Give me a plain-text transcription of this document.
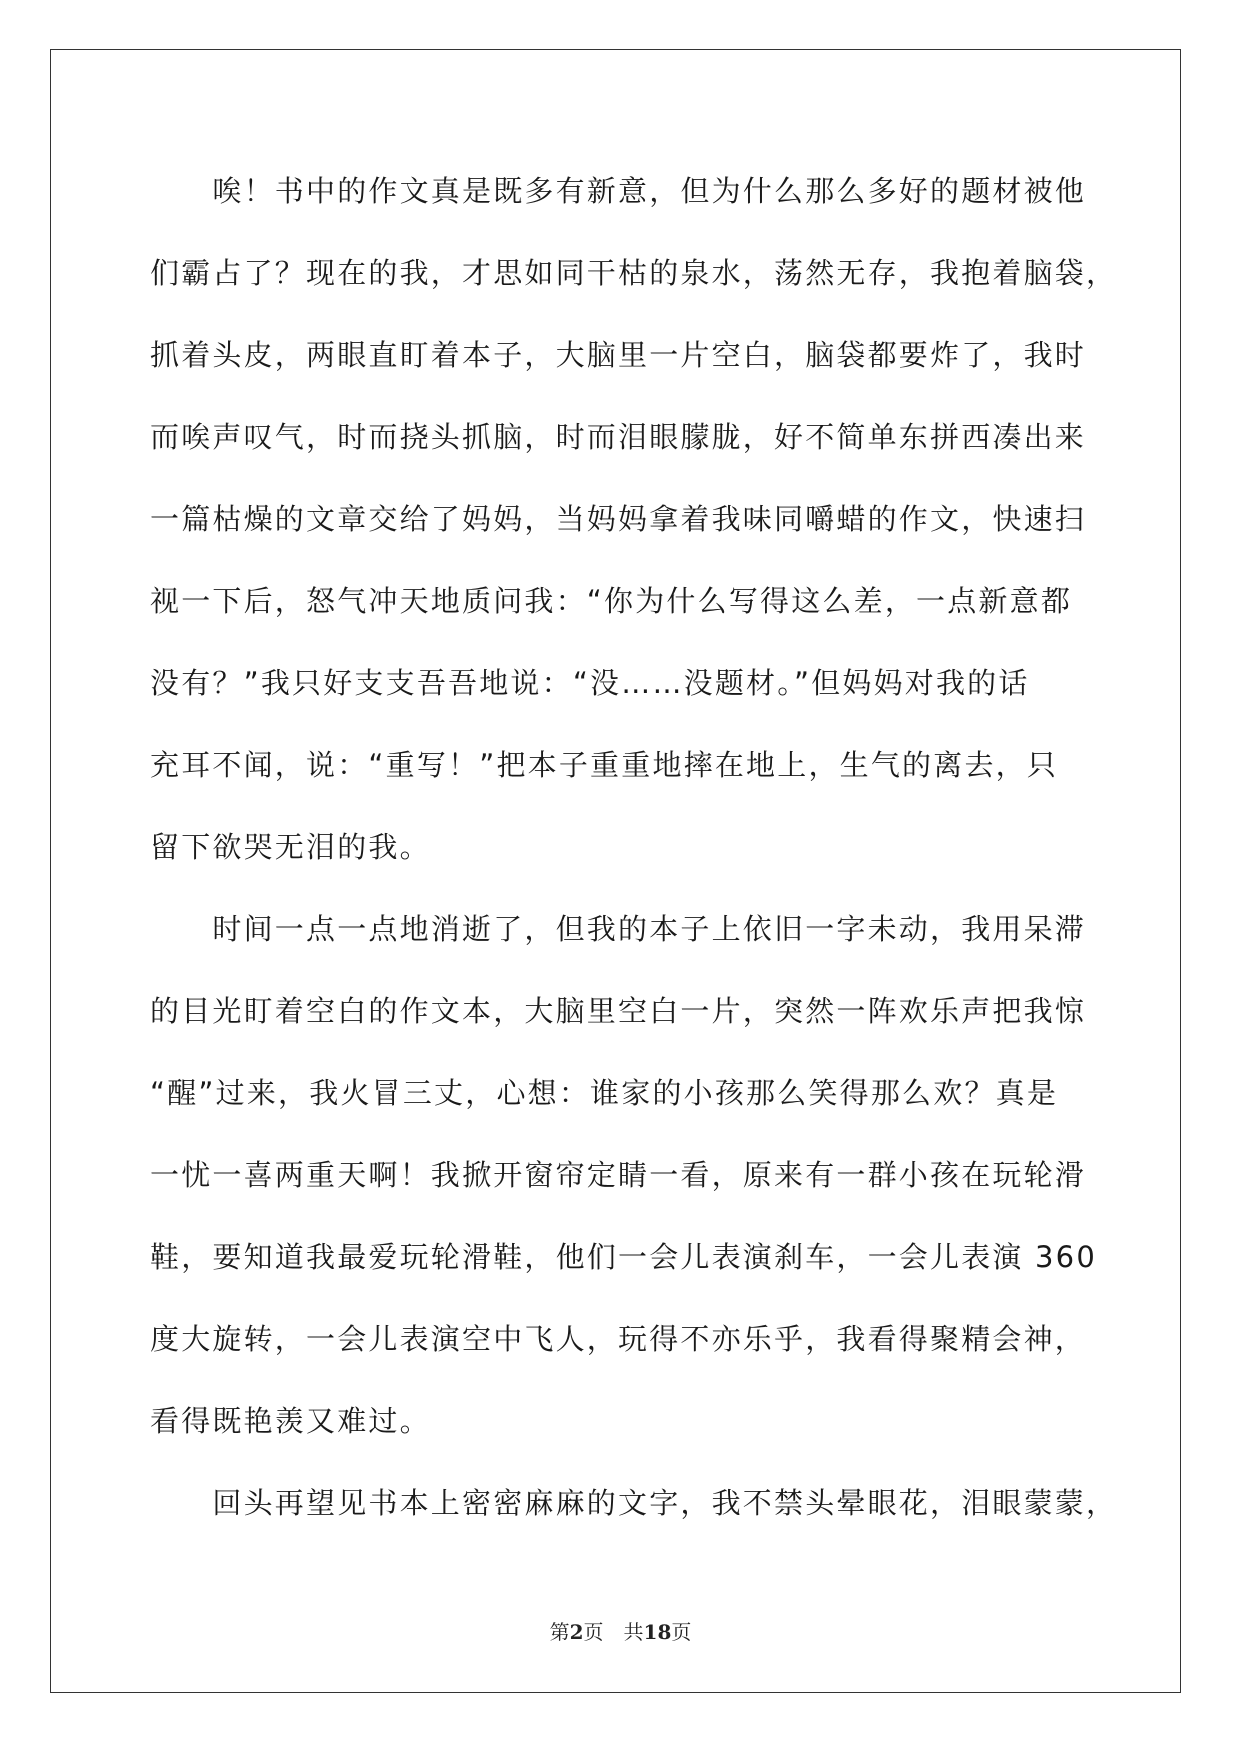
　　唉！书中的作文真是既多有新意，但为什么那么多好的题材被他
们霸占了？现在的我，才思如同干枯的泉水，荡然无存，我抱着脑袋，
抓着头皮，两眼直盯着本子，大脑里一片空白，脑袋都要炸了，我时
而唉声叹气，时而挠头抓脑，时而泪眼朦胧，好不简单东拼西凑出来
一篇枯燥的文章交给了妈妈，当妈妈拿着我味同嚼蜡的作文，快速扫
视一下后，怒气冲天地质问我：“你为什么写得这么差，一点新意都
没有？”我只好支支吾吾地说：“没……没题材。”但妈妈对我的话
充耳不闻，说：“重写！”把本子重重地摔在地上，生气的离去，只
留下欲哭无泪的我。
　　时间一点一点地消逝了，但我的本子上依旧一字未动，我用呆滞
的目光盯着空白的作文本，大脑里空白一片，突然一阵欢乐声把我惊
“醒”过来，我火冒三丈，心想：谁家的小孩那么笑得那么欢？真是
一忧一喜两重天啊！我掀开窗帘定睛一看，原来有一群小孩在玩轮滑
鞋，要知道我最爱玩轮滑鞋，他们一会儿表演刹车，一会儿表演 360
度大旋转，一会儿表演空中飞人，玩得不亦乐乎，我看得聚精会神，
看得既艳羡又难过。
　　回头再望见书本上密密麻麻的文字，我不禁头晕眼花，泪眼蒙蒙，
第2页　共18页
